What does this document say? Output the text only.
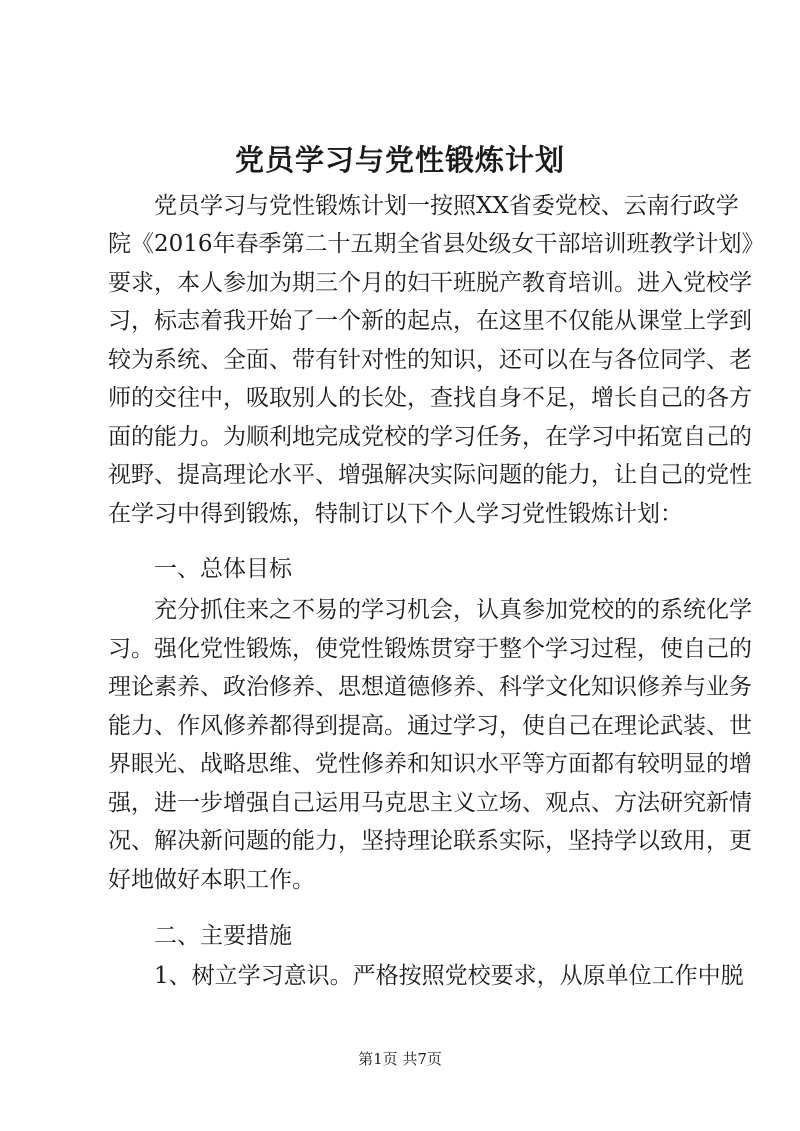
党员学习与党性锻炼计划

党员学习与党性锻炼计划一按照XX省委党校、云南行政学

院《2016年春季第二十五期全省县处级女干部培训班教学计划》

要求，本人参加为期三个月的妇干班脱产教育培训。进入党校学

习，标志着我开始了一个新的起点，在这里不仅能从课堂上学到

较为系统、全面、带有针对性的知识，还可以在与各位同学、老

师的交往中，吸取别人的长处，查找自身不足，增长自己的各方

面的能力。为顺利地完成党校的学习任务，在学习中拓宽自己的

视野、提高理论水平、增强解决实际问题的能力，让自己的党性

在学习中得到锻炼，特制订以下个人学习党性锻炼计划：

一、总体目标

充分抓住来之不易的学习机会，认真参加党校的的系统化学

习。强化党性锻炼，使党性锻炼贯穿于整个学习过程，使自己的

理论素养、政治修养、思想道德修养、科学文化知识修养与业务

能力、作风修养都得到提高。通过学习，使自己在理论武装、世

界眼光、战略思维、党性修养和知识水平等方面都有较明显的增

强，进一步增强自己运用马克思主义立场、观点、方法研究新情

况、解决新问题的能力，坚持理论联系实际，坚持学以致用，更

好地做好本职工作。

二、主要措施

1、树立学习意识。严格按照党校要求，从原单位工作中脱

第1页 共7页
